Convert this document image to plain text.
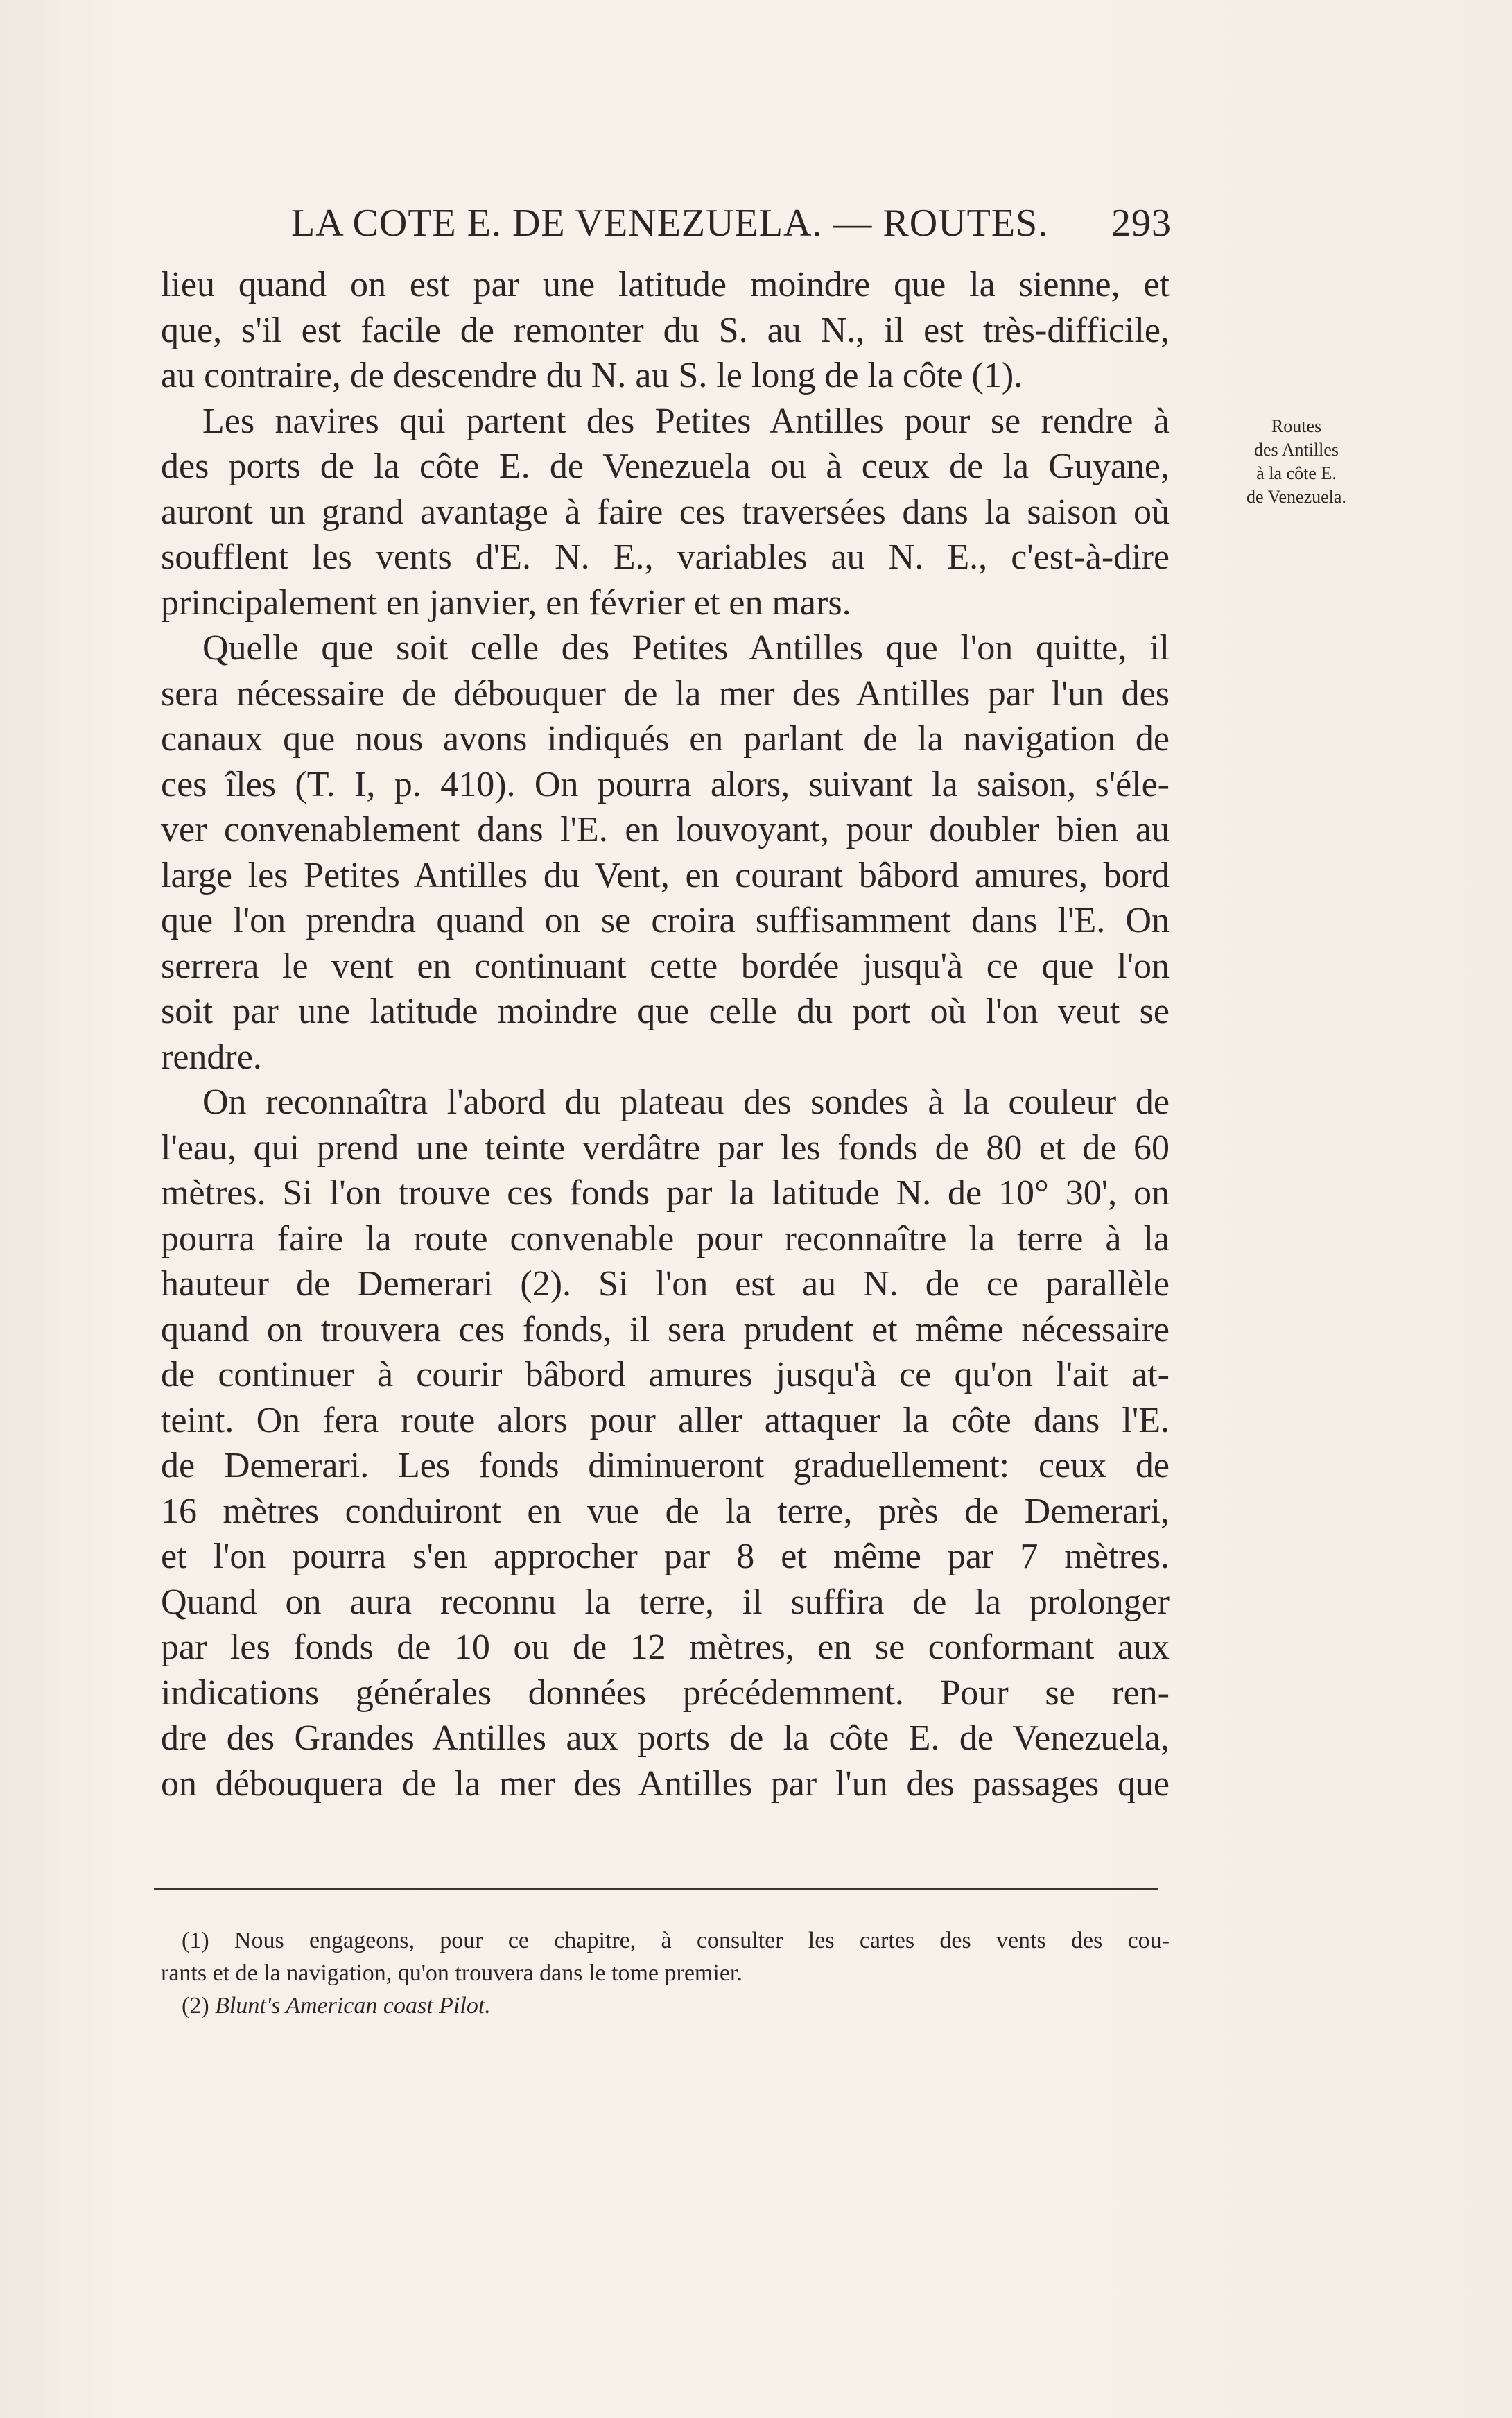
LA COTE E. DE VENEZUELA. — ROUTES. 293
Routes
des Antilles
à la côte E.
de Venezuela.
lieu quand on est par une latitude moindre que la sienne, et
que, s'il est facile de remonter du S. au N., il est très-difficile,
au contraire, de descendre du N. au S. le long de la côte (1).
Les navires qui partent des Petites Antilles pour se rendre à
des ports de la côte E. de Venezuela ou à ceux de la Guyane,
auront un grand avantage à faire ces traversées dans la saison où
soufflent les vents d'E. N. E., variables au N. E., c'est-à-dire
principalement en janvier, en février et en mars.
Quelle que soit celle des Petites Antilles que l'on quitte, il
sera nécessaire de débouquer de la mer des Antilles par l'un des
canaux que nous avons indiqués en parlant de la navigation de
ces îles (T. I, p. 410). On pourra alors, suivant la saison, s'éle-
ver convenablement dans l'E. en louvoyant, pour doubler bien au
large les Petites Antilles du Vent, en courant bâbord amures, bord
que l'on prendra quand on se croira suffisamment dans l'E. On
serrera le vent en continuant cette bordée jusqu'à ce que l'on
soit par une latitude moindre que celle du port où l'on veut se
rendre.
On reconnaîtra l'abord du plateau des sondes à la couleur de
l'eau, qui prend une teinte verdâtre par les fonds de 80 et de 60
mètres. Si l'on trouve ces fonds par la latitude N. de 10° 30', on
pourra faire la route convenable pour reconnaître la terre à la
hauteur de Demerari (2). Si l'on est au N. de ce parallèle
quand on trouvera ces fonds, il sera prudent et même nécessaire
de continuer à courir bâbord amures jusqu'à ce qu'on l'ait at-
teint. On fera route alors pour aller attaquer la côte dans l'E.
de Demerari. Les fonds diminueront graduellement: ceux de
16 mètres conduiront en vue de la terre, près de Demerari,
et l'on pourra s'en approcher par 8 et même par 7 mètres.
Quand on aura reconnu la terre, il suffira de la prolonger
par les fonds de 10 ou de 12 mètres, en se conformant aux
indications générales données précédemment. Pour se ren-
dre des Grandes Antilles aux ports de la côte E. de Venezuela,
on débouquera de la mer des Antilles par l'un des passages que
(1) Nous engageons, pour ce chapitre, à consulter les cartes des vents des cou-
rants et de la navigation, qu'on trouvera dans le tome premier.
(2) Blunt's American coast Pilot.
